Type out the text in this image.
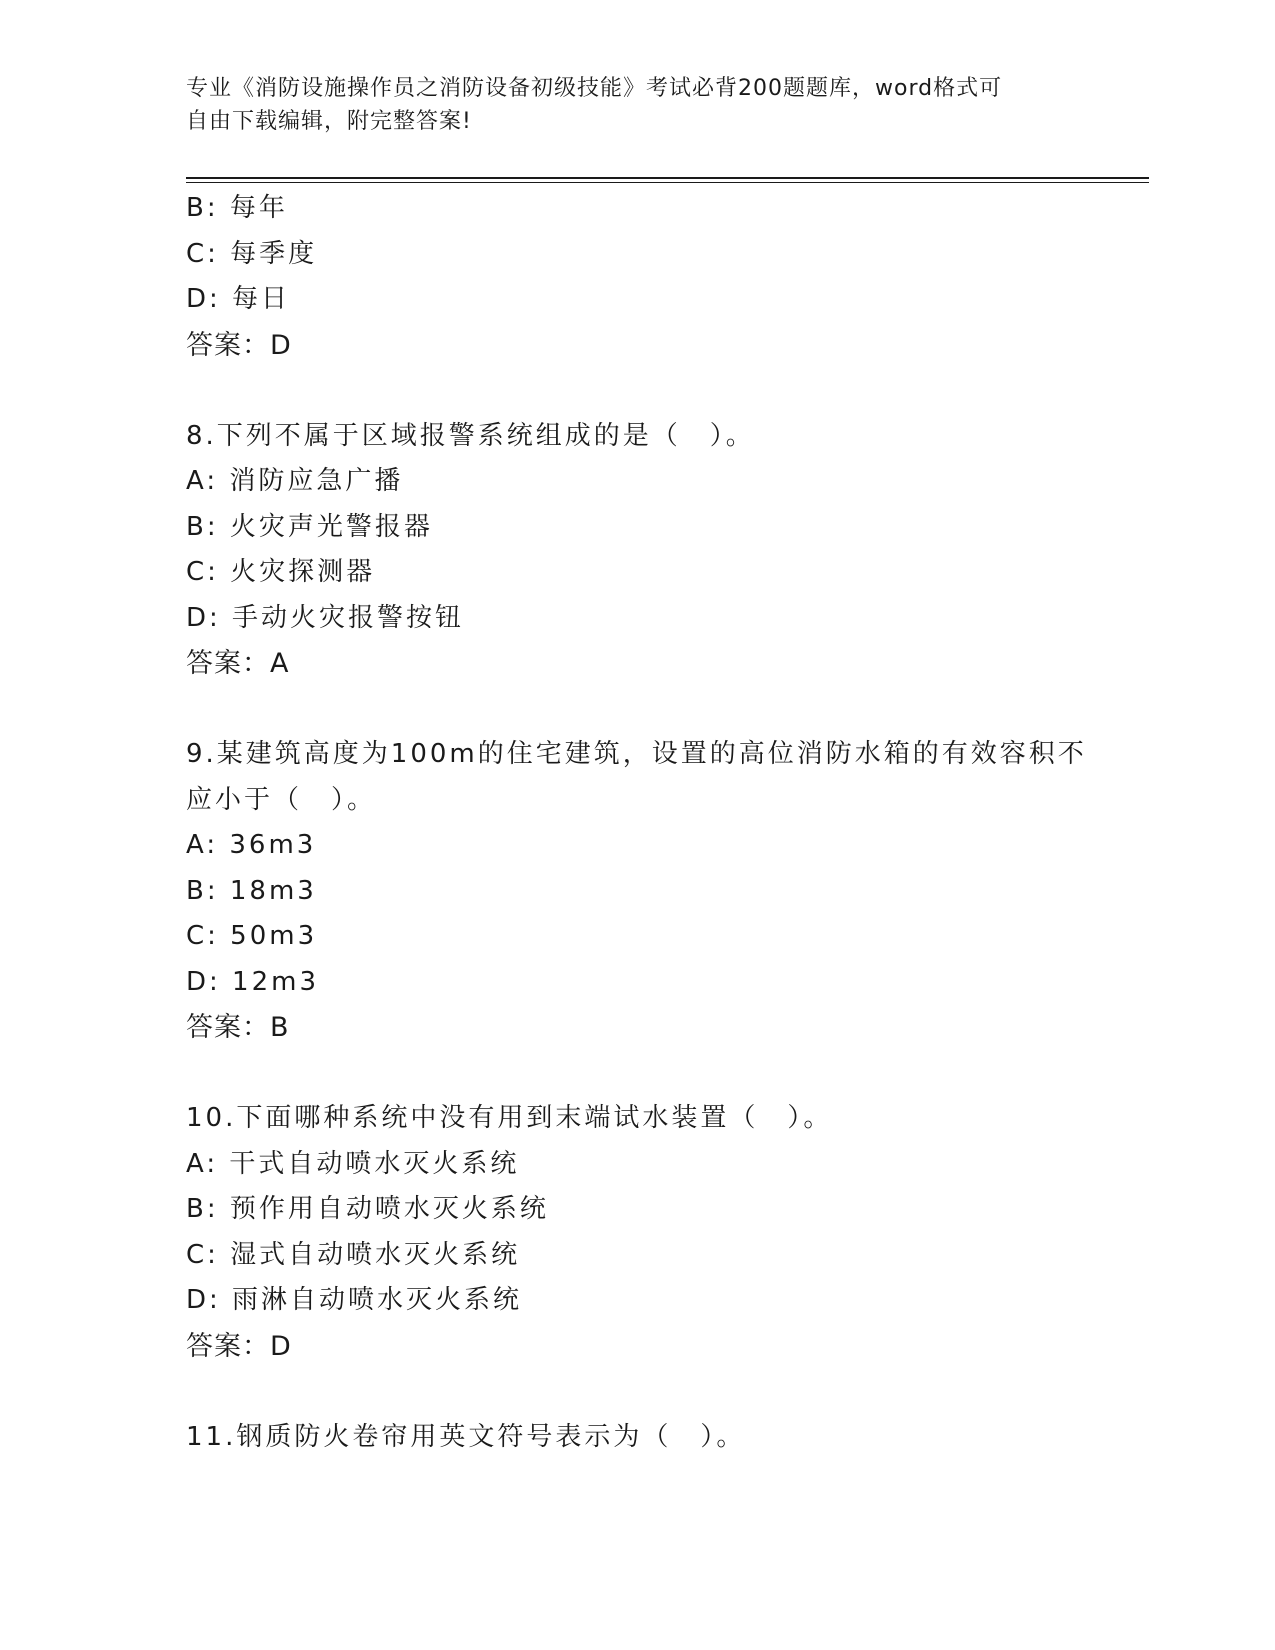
专业《消防设施操作员之消防设备初级技能》考试必背200题题库，word格式可
自由下载编辑，附完整答案!
B: 每年
C: 每季度
D: 每日
答案：D
8.下列不属于区域报警系统组成的是（　）。
A: 消防应急广播
B: 火灾声光警报器
C: 火灾探测器
D: 手动火灾报警按钮
答案：A
9.某建筑高度为100m的住宅建筑，设置的高位消防水箱的有效容积不
应小于（　）。
A: 36m3
B: 18m3
C: 50m3
D: 12m3
答案：B
10.下面哪种系统中没有用到末端试水装置（　）。
A: 干式自动喷水灭火系统
B: 预作用自动喷水灭火系统
C: 湿式自动喷水灭火系统
D: 雨淋自动喷水灭火系统
答案：D
11.钢质防火卷帘用英文符号表示为（　）。
